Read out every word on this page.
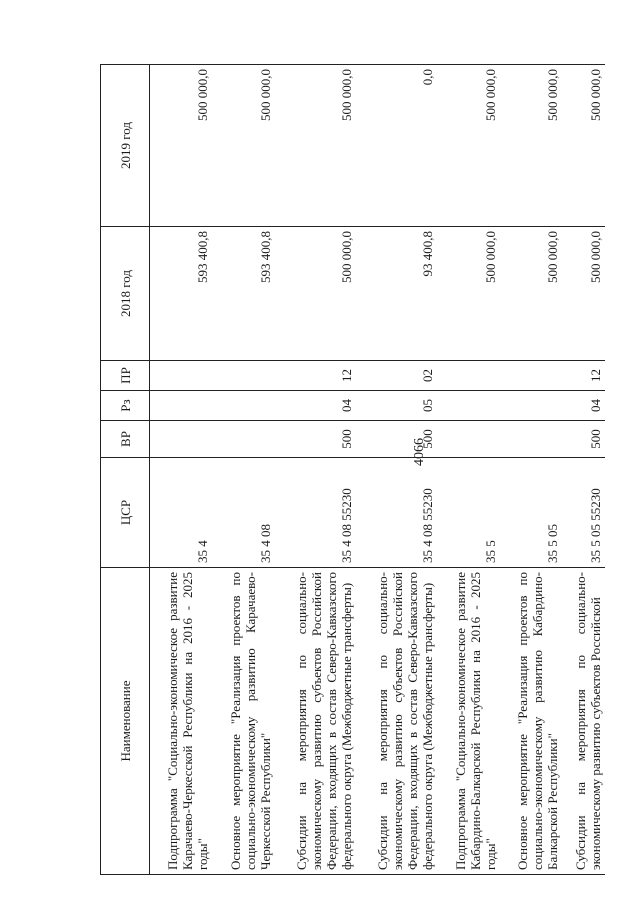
4066
Наименование	ЦСР	ВР	Рз	ПР	2018 год	2019 год
Подпрограмма "Социально-экономическое развитие Карачаево-Черкесской Республики на 2016 - 2025 годы"	35 4				593 400,8	500 000,0
Основное мероприятие "Реализация проектов по социально-экономическому развитию Карачаево-Черкесской Республики"	35 4 08				593 400,8	500 000,0
Субсидии на мероприятия по социально-экономическому развитию субъектов Российской Федерации, входящих в состав Северо-Кавказского федерального округа (Межбюджетные трансферты)	35 4 08 55230	500	04	12	500 000,0	500 000,0
Субсидии на мероприятия по социально-экономическому развитию субъектов Российской Федерации, входящих в состав Северо-Кавказского федерального округа (Межбюджетные трансферты)	35 4 08 55230	500	05	02	93 400,8	0,0
Подпрограмма "Социально-экономическое развитие Кабардино-Балкарской Республики на 2016 - 2025 годы"	35 5				500 000,0	500 000,0
Основное мероприятие "Реализация проектов по социально-экономическому развитию Кабардино-Балкарской Республики"	35 5 05				500 000,0	500 000,0
Субсидии на мероприятия по социально-экономическому развитию субъектов Российской	35 5 05 55230	500	04	12	500 000,0	500 000,0
